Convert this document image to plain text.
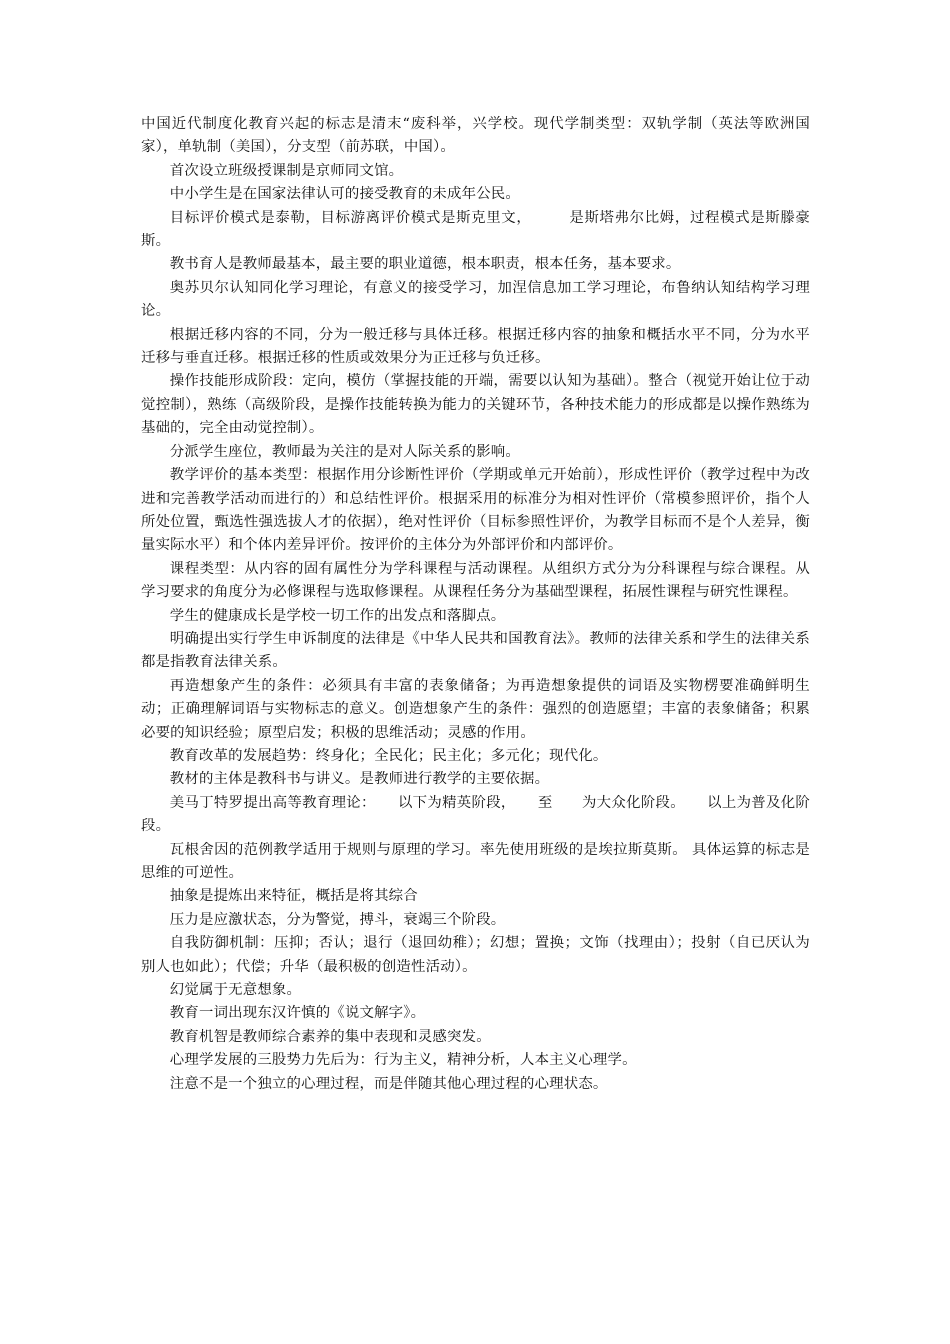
中国近代制度化教育兴起的标志是清末“废科举，兴学校。现代学制类型：双轨学制（英法等欧洲国家），单轨制（美国），分支型（前苏联，中国）。

首次设立班级授课制是京师同文馆。

中小学生是在国家法律认可的接受教育的未成年公民。

目标评价模式是泰勒，目标游离评价模式是斯克里文，　　　是斯塔弗尔比姆，过程模式是斯滕豪斯。

教书育人是教师最基本，最主要的职业道德，根本职责，根本任务，基本要求。

奥苏贝尔认知同化学习理论，有意义的接受学习，加涅信息加工学习理论，布鲁纳认知结构学习理论。

根据迁移内容的不同，分为一般迁移与具体迁移。根据迁移内容的抽象和概括水平不同，分为水平迁移与垂直迁移。根据迁移的性质或效果分为正迁移与负迁移。

操作技能形成阶段：定向，模仿（掌握技能的开端，需要以认知为基础）。整合（视觉开始让位于动觉控制），熟练（高级阶段，是操作技能转换为能力的关键环节，各种技术能力的形成都是以操作熟练为基础的，完全由动觉控制）。

分派学生座位，教师最为关注的是对人际关系的影响。

教学评价的基本类型：根据作用分诊断性评价（学期或单元开始前），形成性评价（教学过程中为改进和完善教学活动而进行的）和总结性评价。根据采用的标准分为相对性评价（常模参照评价，指个人所处位置，甄选性强选拔人才的依据），绝对性评价（目标参照性评价，为教学目标而不是个人差异，衡量实际水平）和个体内差异评价。按评价的主体分为外部评价和内部评价。

课程类型：从内容的固有属性分为学科课程与活动课程。从组织方式分为分科课程与综合课程。从学习要求的角度分为必修课程与选取修课程。从课程任务分为基础型课程，拓展性课程与研究性课程。

学生的健康成长是学校一切工作的出发点和落脚点。

明确提出实行学生申诉制度的法律是《中华人民共和国教育法》。教师的法律关系和学生的法律关系都是指教育法律关系。

再造想象产生的条件：必须具有丰富的表象储备；为再造想象提供的词语及实物楞要准确鲜明生动；正确理解词语与实物标志的意义。创造想象产生的条件：强烈的创造愿望；丰富的表象储备；积累必要的知识经验；原型启发；积极的思维活动；灵感的作用。

教育改革的发展趋势：终身化；全民化；民主化；多元化；现代化。

教材的主体是教科书与讲义。是教师进行教学的主要依据。

美马丁特罗提出高等教育理论：　　以下为精英阶段，　　至　　为大众化阶段。　　以上为普及化阶段。

瓦根舍因的范例教学适用于规则与原理的学习。率先使用班级的是埃拉斯莫斯。 具体运算的标志是思维的可逆性。

抽象是提炼出来特征，概括是将其综合

压力是应激状态，分为警觉，搏斗，衰竭三个阶段。

自我防御机制：压抑；否认；退行（退回幼稚）；幻想；置换；文饰（找理由）；投射（自已厌认为别人也如此）；代偿；升华（最积极的创造性活动）。

幻觉属于无意想象。

教育一词出现东汉许慎的《说文解字》。

教育机智是教师综合素养的集中表现和灵感突发。

心理学发展的三股势力先后为：行为主义，精神分析，人本主义心理学。

注意不是一个独立的心理过程，而是伴随其他心理过程的心理状态。
